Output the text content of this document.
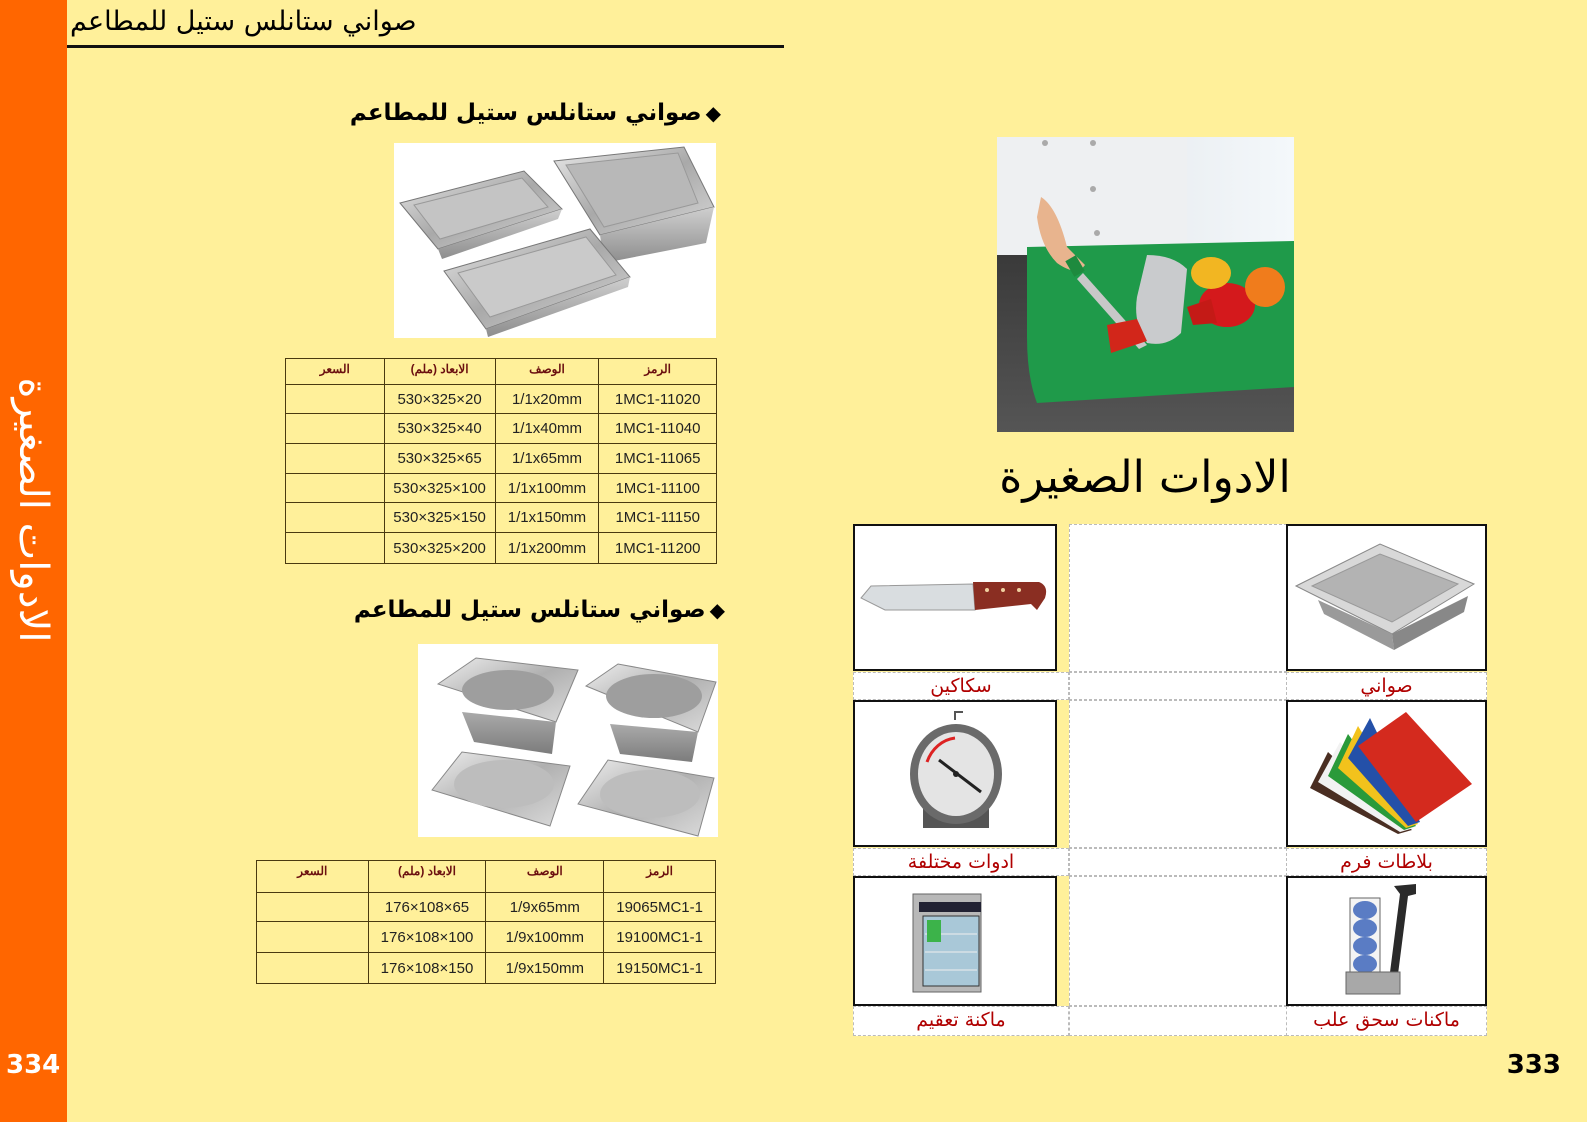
الادوات الصغيرة
334
صواني ستانلس ستيل للمطاعم
◆صواني ستانلس ستيل للمطاعم
الرمز	الوصف	الابعاد (ملم)	السعر
1MC1-11020	1/1x20mm	20×325×530	
1MC1-11040	1/1x40mm	40×325×530	
1MC1-11065	1/1x65mm	65×325×530	
1MC1-11100	1/1x100mm	100×325×530	
1MC1-11150	1/1x150mm	150×325×530	
1MC1-11200	1/1x200mm	200×325×530	
◆صواني ستانلس ستيل للمطاعم
الرمز	الوصف	الابعاد (ملم)	السعر
19065MC1-1	1/9x65mm	65×108×176	
19100MC1-1	1/9x100mm	100×108×176	
19150MC1-1	1/9x150mm	150×108×176	
الادوات الصغيرة
صواني
سكاكين
بلاطات فرم
ادوات مختلفة
ماكنات سحق علب
ماكنة تعقيم
333
